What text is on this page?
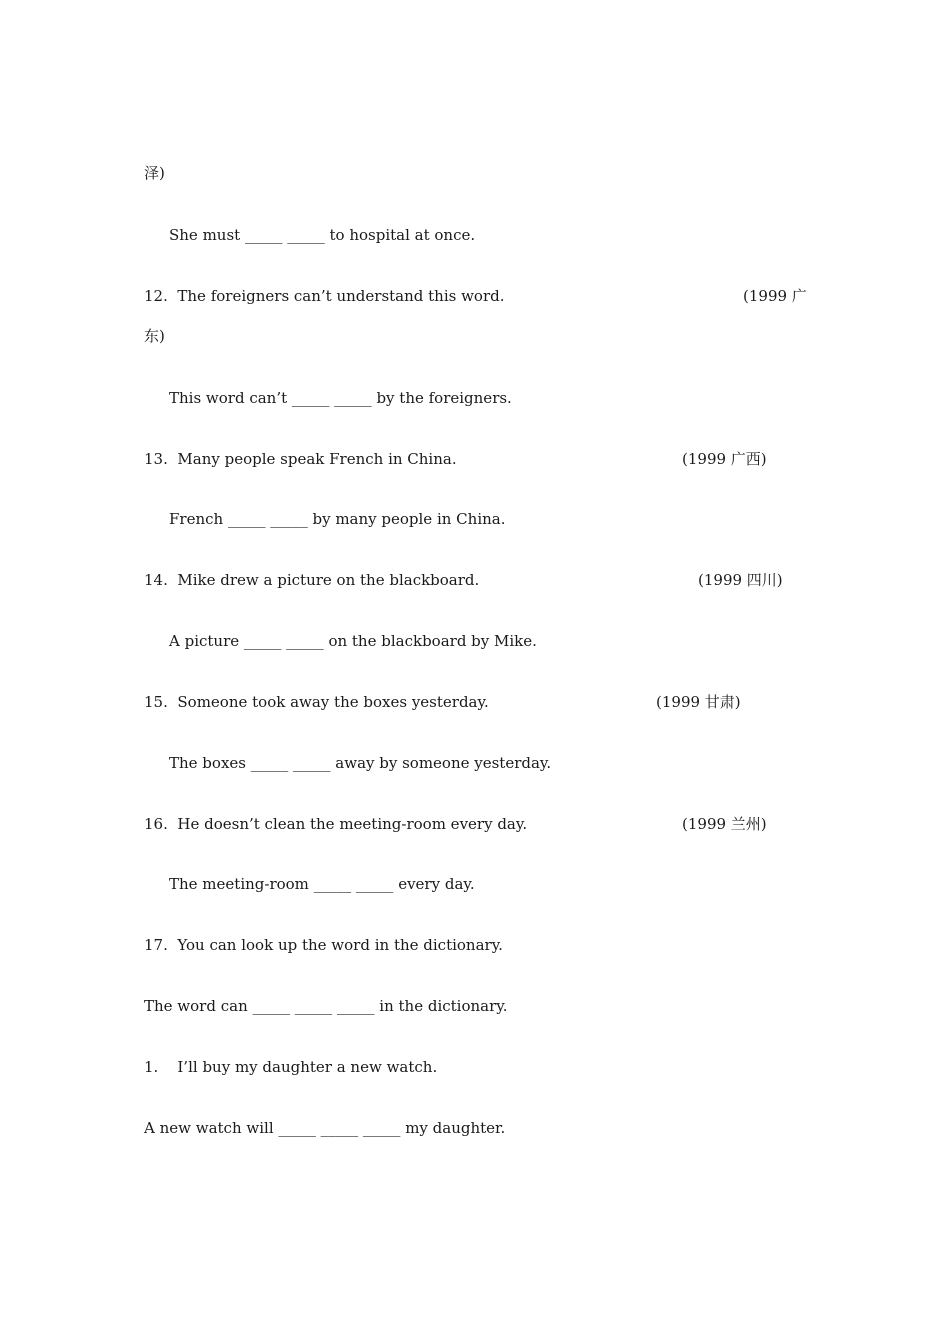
泽)
She must _____ _____ to hospital at once.
12.  The foreigners can’t understand this word.	(1999 广
东)
This word can’t _____ _____ by the foreigners.
13.  Many people speak French in China.	(1999 广西)
French _____ _____ by many people in China.
14.  Mike drew a picture on the blackboard.	(1999 四川)
A picture _____ _____ on the blackboard by Mike.
15.  Someone took away the boxes yesterday.	(1999 甘肃)
The boxes _____ _____ away by someone yesterday.
16.  He doesn’t clean the meeting-room every day.	(1999 兰州)
The meeting-room _____ _____ every day.
17.  You can look up the word in the dictionary.
The word can _____ _____ _____ in the dictionary.
1.    I’ll buy my daughter a new watch.
A new watch will _____ _____ _____ my daughter.
